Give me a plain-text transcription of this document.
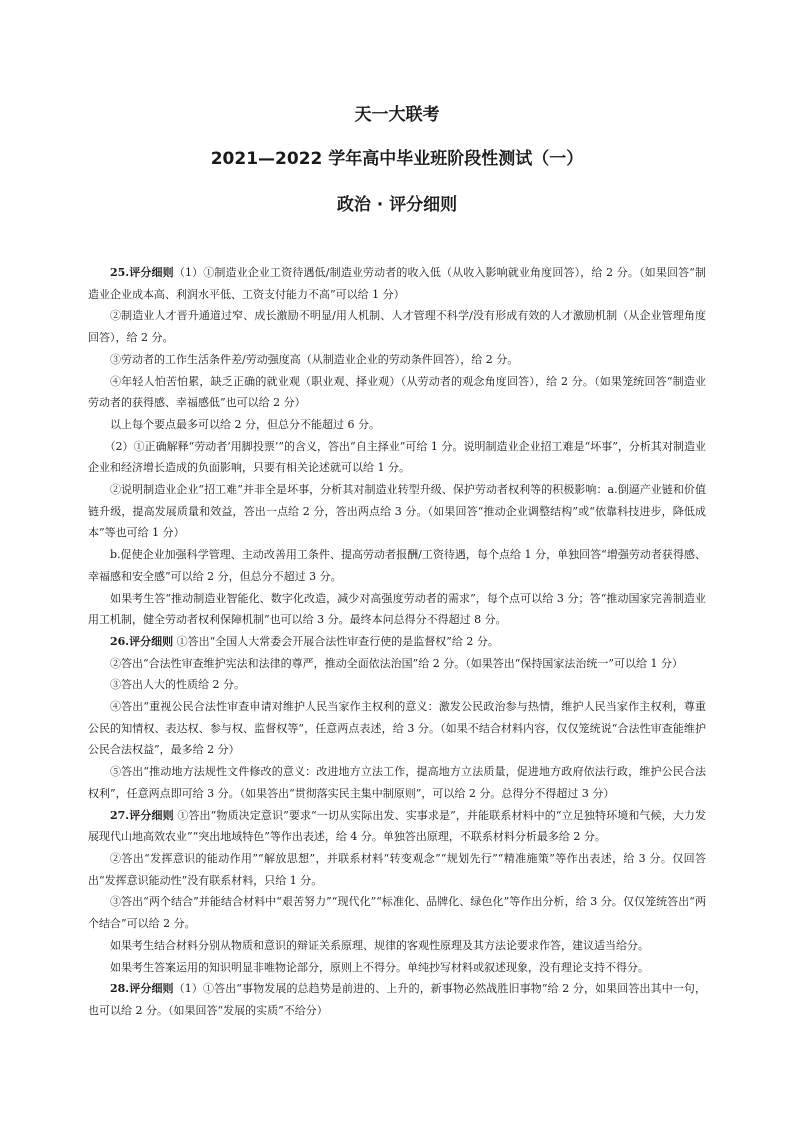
天一大联考

2021—2022 学年高中毕业班阶段性测试（一）

政治 · 评分细则

25.评分细则（1）①制造业企业工资待遇低/制造业劳动者的收入低（从收入影响就业角度回答），给 2 分。（如果回答“制造业企业成本高、利润水平低、工资支付能力不高”可以给 1 分）

②制造业人才晋升通道过窄、成长激励不明显/用人机制、人才管理不科学/没有形成有效的人才激励机制（从企业管理角度回答），给 2 分。

③劳动者的工作生活条件差/劳动强度高（从制造业企业的劳动条件回答），给 2 分。

④年轻人怕苦怕累，缺乏正确的就业观（职业观、择业观）（从劳动者的观念角度回答），给 2 分。（如果笼统回答“制造业劳动者的获得感、幸福感低”也可以给 2 分）

以上每个要点最多可以给 2 分，但总分不能超过 6 分。

（2）①正确解释“劳动者‘用脚投票’”的含义，答出“自主择业”可给 1 分。说明制造业企业招工难是“坏事”，分析其对制造业企业和经济增长造成的负面影响，只要有相关论述就可以给 1 分。

②说明制造业企业“招工难”并非全是坏事，分析其对制造业转型升级、保护劳动者权利等的积极影响：a.倒逼产业链和价值链升级，提高发展质量和效益，答出一点给 2 分，答出两点给 3 分。（如果回答“推动企业调整结构”或“依靠科技进步，降低成本”等也可给 1 分）

b.促使企业加强科学管理、主动改善用工条件、提高劳动者报酬/工资待遇，每个点给 1 分，单独回答“增强劳动者获得感、幸福感和安全感”可以给 2 分，但总分不超过 3 分。

如果考生答“推动制造业智能化、数字化改造，减少对高强度劳动者的需求”，每个点可以给 3 分；答“推动国家完善制造业用工机制，健全劳动者权利保障机制”也可以给 3 分。最终本问总得分不得超过 8 分。

26.评分细则 ①答出“全国人大常委会开展合法性审查行使的是监督权”给 2 分。

②答出“合法性审查维护宪法和法律的尊严，推动全面依法治国”给 2 分。（如果答出“保持国家法治统一”可以给 1 分）

③答出人大的性质给 2 分。

④答出“重视公民合法性审查申请对维护人民当家作主权利的意义：激发公民政治参与热情，维护人民当家作主权利，尊重公民的知情权、表达权、参与权、监督权等”，任意两点表述，给 3 分。（如果不结合材料内容，仅仅笼统说“合法性审查能维护公民合法权益”，最多给 2 分）

⑤答出“推动地方法规性文件修改的意义：改进地方立法工作，提高地方立法质量，促进地方政府依法行政，维护公民合法权利”，任意两点即可给 3 分。（如果答出“贯彻落实民主集中制原则”，可以给 2 分。总得分不得超过 3 分）

27.评分细则 ①答出“物质决定意识”要求“一切从实际出发、实事求是”，并能联系材料中的“立足独特环境和气候，大力发展现代山地高效农业”“突出地域特色”等作出表述，给 4 分。单独答出原理，不联系材料分析最多给 2 分。

②答出“发挥意识的能动作用”“解放思想”，并联系材料“转变观念”“规划先行”“精准施策”等作出表述，给 3 分。仅回答出“发挥意识能动性”没有联系材料，只给 1 分。

③答出“两个结合”并能结合材料中“艰苦努力”“现代化”“标准化、品牌化、绿色化”等作出分析，给 3 分。仅仅笼统答出“两个结合”可以给 2 分。

如果考生结合材料分别从物质和意识的辩证关系原理、规律的客观性原理及其方法论要求作答，建议适当给分。

如果考生答案运用的知识明显非唯物论部分，原则上不得分。单纯抄写材料或叙述现象，没有理论支持不得分。

28.评分细则（1）①答出“事物发展的总趋势是前进的、上升的，新事物必然战胜旧事物”给 2 分，如果回答出其中一句，也可以给 2 分。（如果回答“发展的实质”不给分）
